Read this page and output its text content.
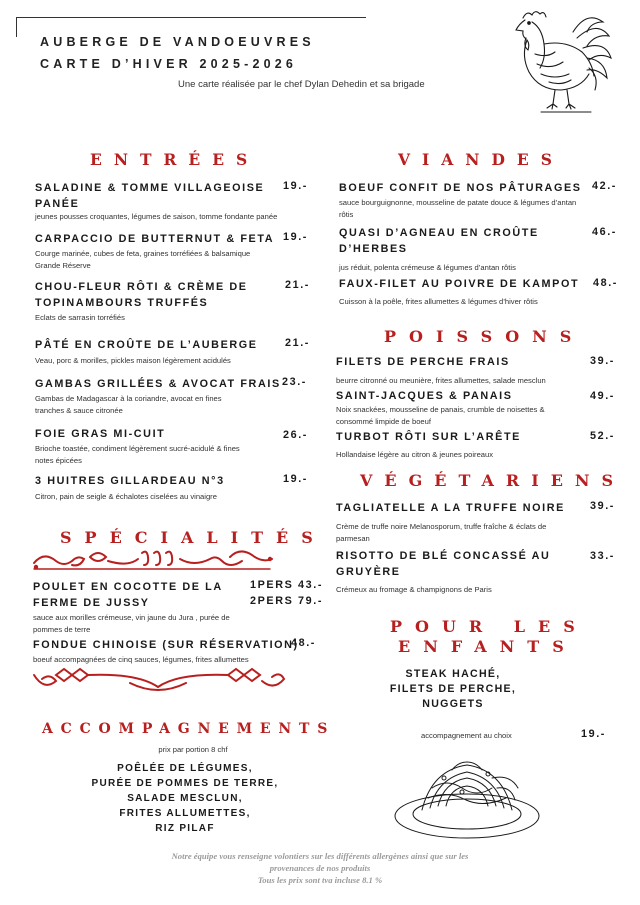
AUBERGE DE VANDOEUVRES
CARTE D’HIVER 2025-2026
Une carte réalisée par le chef Dylan Dehedin et sa brigade
ENTRÉES
SALADINE & TOMME VILLAGEOISE PANÉE
19.-
jeunes pousses croquantes, légumes de saison, tomme fondante panée
CARPACCIO DE BUTTERNUT & FETA 19.-
Courge marinée, cubes de feta, graines torréfiées & balsamique Grande Réserve
CHOU-FLEUR RÔTI & CRÈME DE TOPINAMBOURS TRUFFÉS
21.-
Eclats de sarrasin torréfiés
PÂTÉ EN CROÛTE DE L’AUBERGE	21.-
Veau, porc & morilles, pickles maison légèrement acidulés
GAMBAS GRILLÉES & AVOCAT FRAIS 23.-
Gambas de Madagascar à la coriandre, avocat en fines tranches & sauce citronée
FOIE GRAS MI-CUIT	26.-
Brioche toastée, condiment légèrement sucré-acidulé & fines notes épicées
3 HUITRES GILLARDEAU N°3	19.-
Citron, pain de seigle & échalotes ciselées au vinaigre
SPÉCIALITÉS
POULET EN COCOTTE DE LA FERME DE JUSSY
1PERS 43.-
2PERS 79.-
sauce aux morilles crémeuse, vin jaune du Jura , purée de pommes de terre
FONDUE CHINOISE (SUR RÉSERVATION)
48.-
boeuf accompagnées de cinq sauces, légumes, frites allumettes
ACCOMPAGNEMENTS
prix par portion 8 chf
POÊLÉE DE LÉGUMES,
PURÉE DE POMMES DE TERRE,
SALADE MESCLUN,
FRITES ALLUMETTES,
RIZ PILAF
VIANDES
BOEUF CONFIT DE NOS PÂTURAGES 42.-
sauce bourguignonne, mousseline de patate douce & légumes d’antan rôtis
QUASI D’AGNEAU EN CROÛTE D’HERBES
46.-
jus réduit, polenta crémeuse & légumes d’antan rôtis
FAUX-FILET AU POIVRE DE KAMPOT	48.-
Cuisson à la poêle, frites allumettes & légumes d’hiver rôtis
POISSONS
FILETS DE PERCHE FRAIS	39.-
beurre citronné ou meunière, frites allumettes, salade mesclun
SAINT-JACQUES & PANAIS	49.-
Noix snackées, mousseline de panais, crumble de noisettes & consommé limpide de boeuf
TURBOT RÔTI SUR L’ARÊTE	52.-
Hollandaise légère au citron & jeunes poireaux
VÉGÉTARIENS
TAGLIATELLE A LA TRUFFE NOIRE	39.-
Crème de truffe noire Melanosporum, truffe fraîche & éclats de parmesan
RISOTTO DE BLÉ CONCASSÉ AU GRUYÈRE
33.-
Crémeux au fromage & champignons de Paris
POUR LES
ENFANTS
STEAK HACHÉ,
FILETS DE PERCHE,
NUGGETS
accompagnement au choix	19.-
Notre équipe vous renseigne volontiers sur les différents allergènes ainsi que sur les
provenances de nos produits
Tous les prix sont tva incluse 8.1 %
